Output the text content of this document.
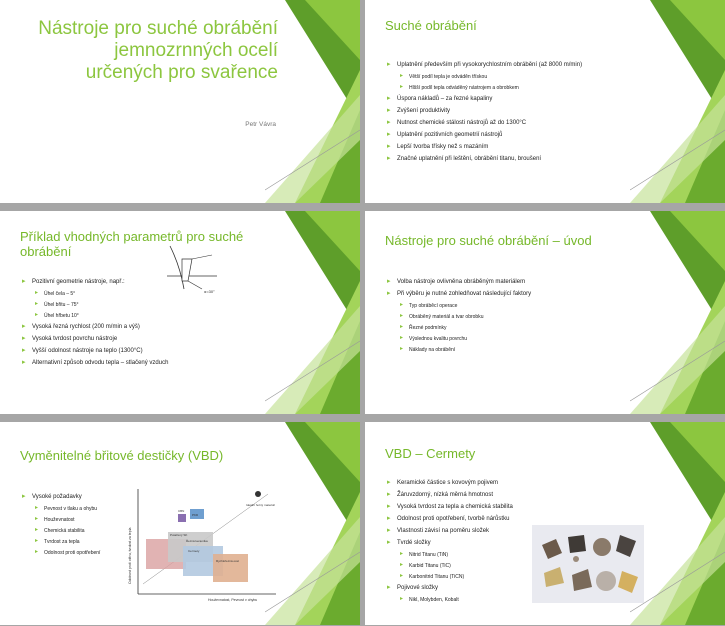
Nástroje pro suché obrábění jemnozrnných ocelí určených pro svařence
Petr Vávra
Suché obrábění
▸ Uplatnění především při vysokorychlostním obrábění (až 8000 m/min)
▸ Větší podíl tepla je odváděn třískou
▸ Hlšší podíl tepla odváděný nástrojem a obrobkem
▸ Úspora nákladů – za řezné kapaliny
▸ Zvýšení produktivity
▸ Nutnost chemické stálosti nástrojů až do 1300°C
▸ Uplatnění pozitivních geometrií nástrojů
▸ Lepší tvorba třísky než s mazáním
▸ Značné uplatnění při leštění, obrábění titanu, broušení
Příklad vhodných parametrů pro suché obrábění
α=30°
▸ Pozitivní geometrie nástroje, např.:
▸ Úhel čela – 5°
▸ Úhel břitu – 75°
▸ Úhel hřbetu 10°
▸ Vysoká řezná rychlost (200 m/min a výš)
▸ Vysoká tvrdost povrchu nástroje
▸ Vyšší odolnost nástroje na teplo (1300°C)
▸ Alternativní způsob odvodu tepla – stlačený vzduch
Nástroje pro suché obrábění – úvod
▸ Volba nástroje ovlivněna obráběným materiálem
▸ Při výběru je nutné zohledňovat následující faktory
▸ Typ obráběcí operace
▸ Obráběný materiál a tvar obrobku
▸ Řezné podmínky
▸ Výslednou kvalitu povrchu
▸ Náklady na obrábění
Vyměnitelné břitové destičky (VBD)
▸ Vysoké požadavky
▸ Pevnost v tlaku a ohybu
▸ Houževnatost
▸ Chemická stabilita
▸ Tvrdost za tepla
▸ Odolnost proti opotřebení	Odolnost proti otěru, tvrdost za tepla
Houževnatost, Pevnost v ohybu
Ideální řezný materiál
CBN
PKD
Řezná keramika
Cermety
Potažený SK
Rychlořezná ocel
VBD – Cermety
▸ Keramické částice s kovovým pojivem
▸ Žáruvzdorný, nízká měrná hmotnost
▸ Vysoká tvrdost za tepla a chemická stabilita
▸ Odolnost proti opotřebení, tvorbě nárůstku
▸ Vlastnosti závisí na poměru složek
▸ Tvrdé složky
▸ Nitrid Titanu (TiN)
▸ Karbid Titanu (TiC)
▸ Karbonitrid Titanu (TiCN)
▸ Pojivové složky
▸ Nikl, Molybden, Kobalt
